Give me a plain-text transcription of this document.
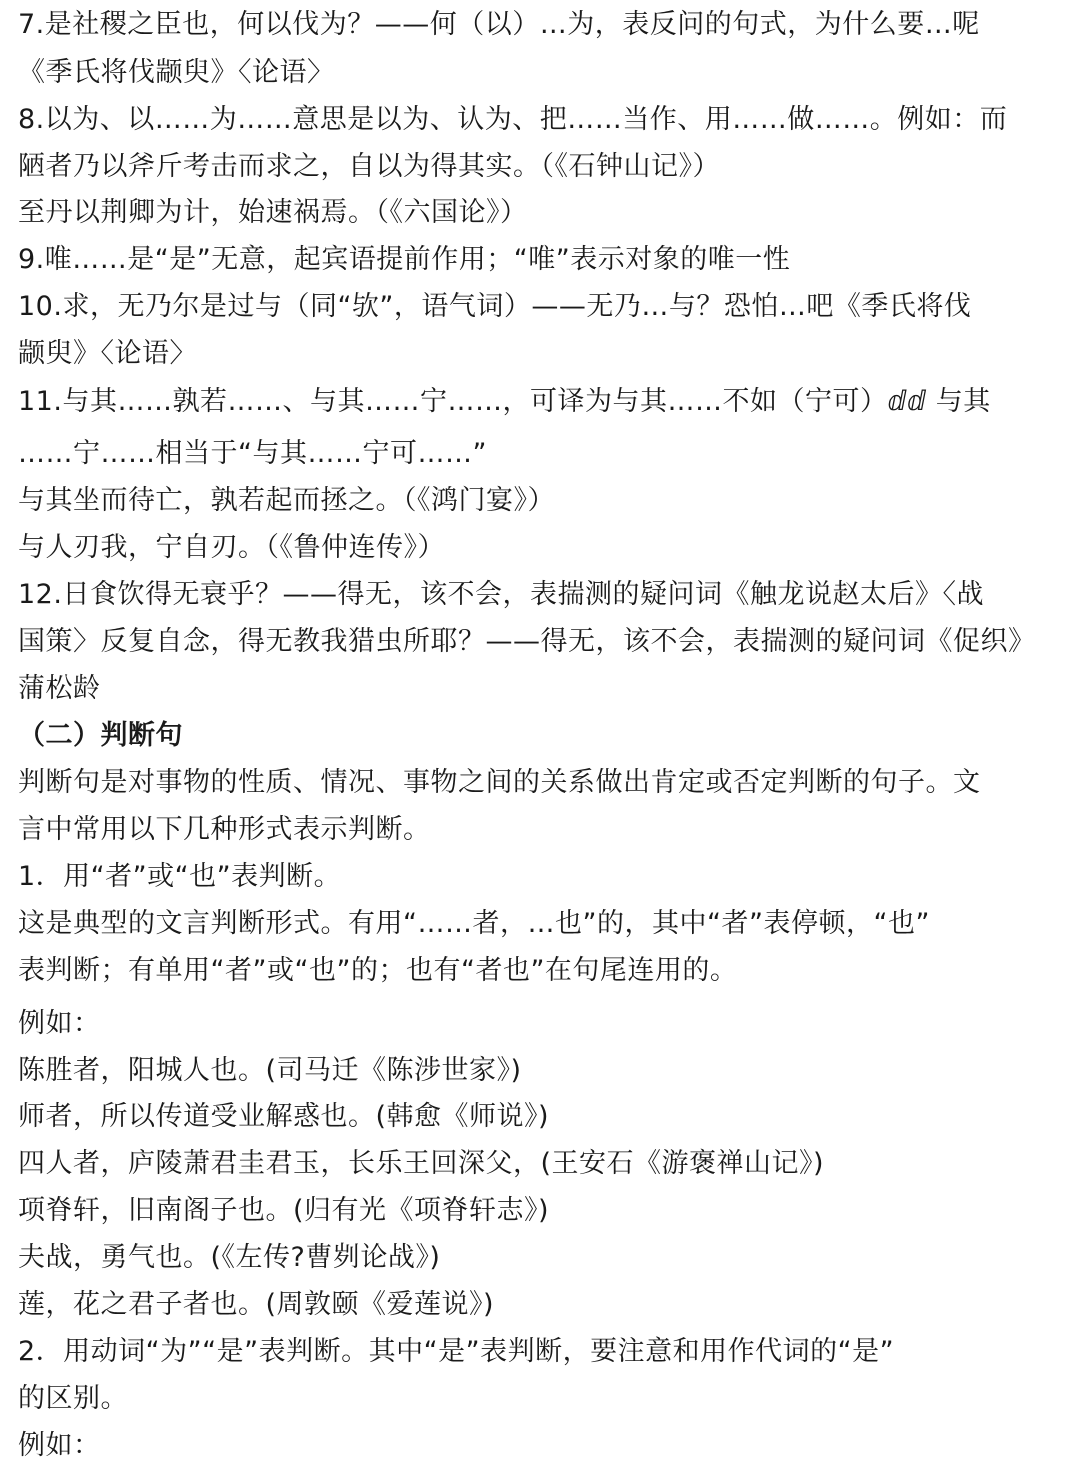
7.是社稷之臣也，何以伐为？——何（以）…为，表反问的句式，为什么要…呢
《季氏将伐颛臾》〈论语〉
8.以为、以……为……意思是以为、认为、把……当作、用……做……。例如：而
陋者乃以斧斤考击而求之，自以为得其实。（《石钟山记》）
至丹以荆卿为计，始速祸焉。（《六国论》）
9.唯……是“是”无意，起宾语提前作用；“唯”表示对象的唯一性
10.求，无乃尔是过与（同“欤”，语气词）——无乃…与？恐怕…吧《季氏将伐
颛臾》〈论语〉
11.与其……孰若……、与其……宁……，可译为与其……不如（宁可）ⅆⅆ 与其
……宁……相当于“与其……宁可……”
与其坐而待亡，孰若起而拯之。（《鸿门宴》）
与人刃我，宁自刃。（《鲁仲连传》）
12.日食饮得无衰乎？——得无，该不会，表揣测的疑问词《触龙说赵太后》〈战
国策〉反复自念，得无教我猎虫所耶？——得无，该不会，表揣测的疑问词《促织》
蒲松龄
（二）判断句
判断句是对事物的性质、情况、事物之间的关系做出肯定或否定判断的句子。文
言中常用以下几种形式表示判断。
1．用“者”或“也”表判断。
这是典型的文言判断形式。有用“……者，…也”的，其中“者”表停顿，“也”
表判断；有单用“者”或“也”的；也有“者也”在句尾连用的。
例如：
陈胜者，阳城人也。(司马迁《陈涉世家》)
师者，所以传道受业解惑也。(韩愈《师说》)
四人者，庐陵萧君圭君玉，长乐王回深父，(王安石《游褒禅山记》)
项脊轩，旧南阁子也。(归有光《项脊轩志》)
夫战，勇气也。(《左传?曹刿论战》)
莲，花之君子者也。(周敦颐《爱莲说》)
2．用动词“为”“是”表判断。其中“是”表判断，要注意和用作代词的“是”
的区别。
例如：
